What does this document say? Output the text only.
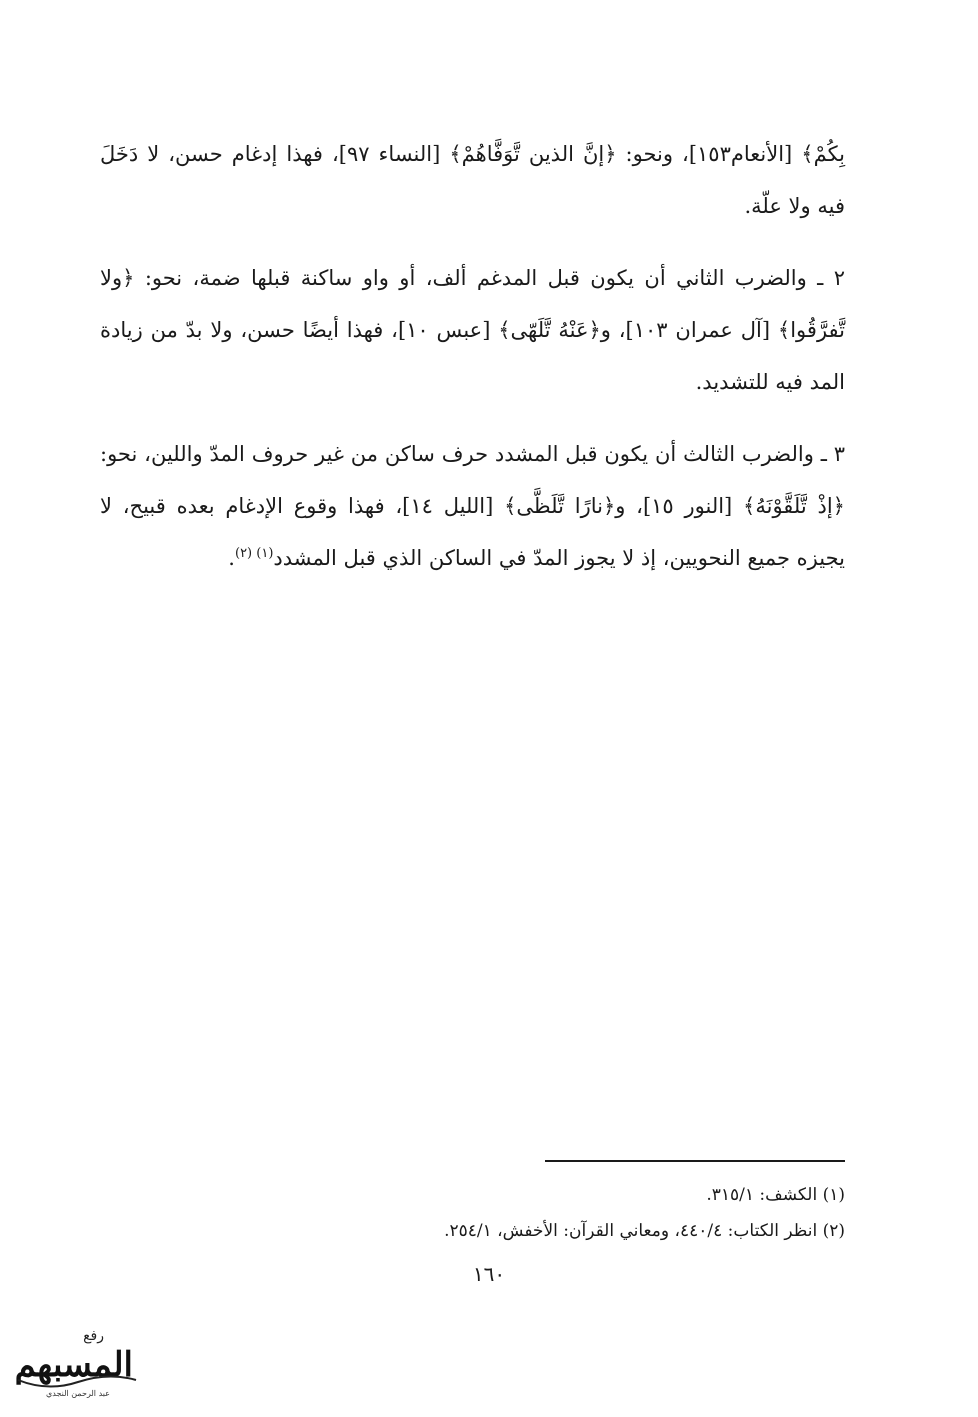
بِكُمْ﴾ [الأنعام١٥٣]، ونحو: ﴿إنَّ الذين تَّوَفَّاهُمْ﴾ [النساء ٩٧]، فهذا إدغام حسن، لا دَخَلَ فيه ولا علّة.

٢ ـ والضرب الثاني أن يكون قبل المدغم ألف، أو واو ساكنة قبلها ضمة، نحو: ﴿ولا تَّفرَّقُوا﴾ [آل عمران ١٠٣]، و﴿عَنْهُ تَّلَهّى﴾ [عبس ١٠]، فهذا أيضًا حسن، ولا بدّ من زيادة المد فيه للتشديد.

٣ ـ والضرب الثالث أن يكون قبل المشدد حرف ساكن من غير حروف المدّ واللين، نحو: ﴿إذْ تَّلَقَّوْنَهُ﴾ [النور ١٥]، و﴿نارًا تَّلَظَّى﴾ [الليل ١٤]، فهذا وقوع الإدغام بعده قبيح، لا يجيزه جميع النحويين، إذ لا يجوز المدّ في الساكن الذي قبل المشدد$^{(١) (٢)}$.

(١) الكشف: ٣١٥/١.
(٢) انظر الكتاب: ٤٤٠/٤، ومعاني القرآن: الأخفش، ٢٥٤/١.
١٦٠
رفع
المسبهم
عبد الرحمن النجدي
